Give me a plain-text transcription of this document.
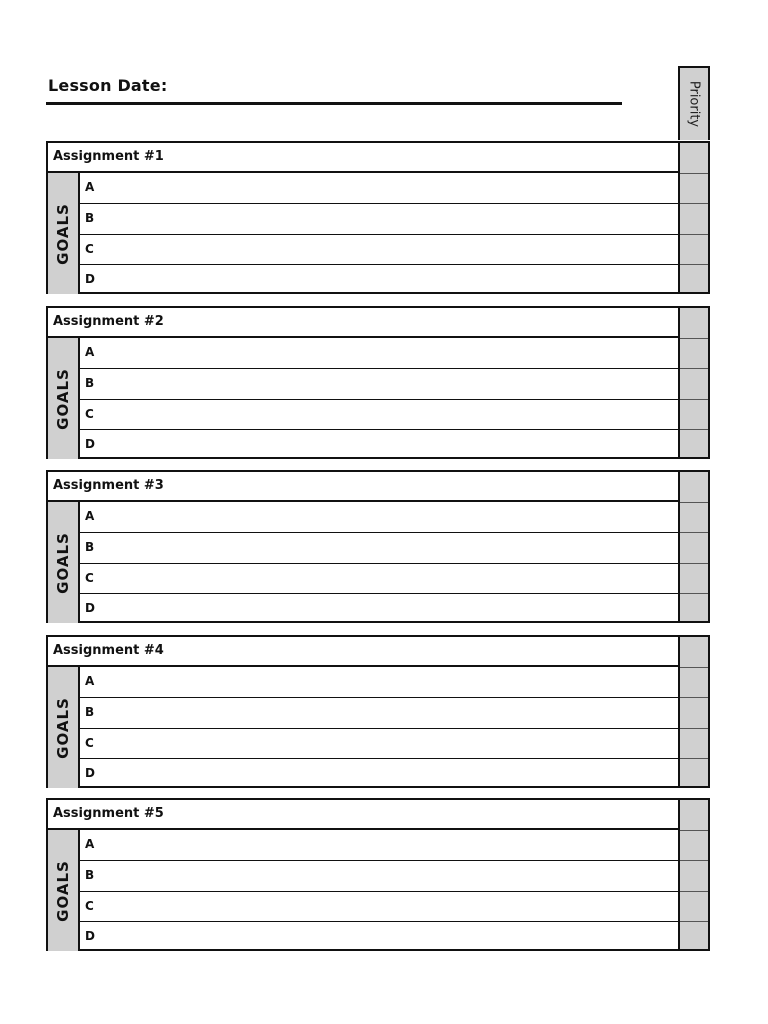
Lesson Date:	Priority
Assignment #1
GOALS
A
B
C
D
Assignment #2
GOALS
A
B
C
D
Assignment #3
GOALS
A
B
C
D
Assignment #4
GOALS
A
B
C
D
Assignment #5
GOALS
A
B
C
D
